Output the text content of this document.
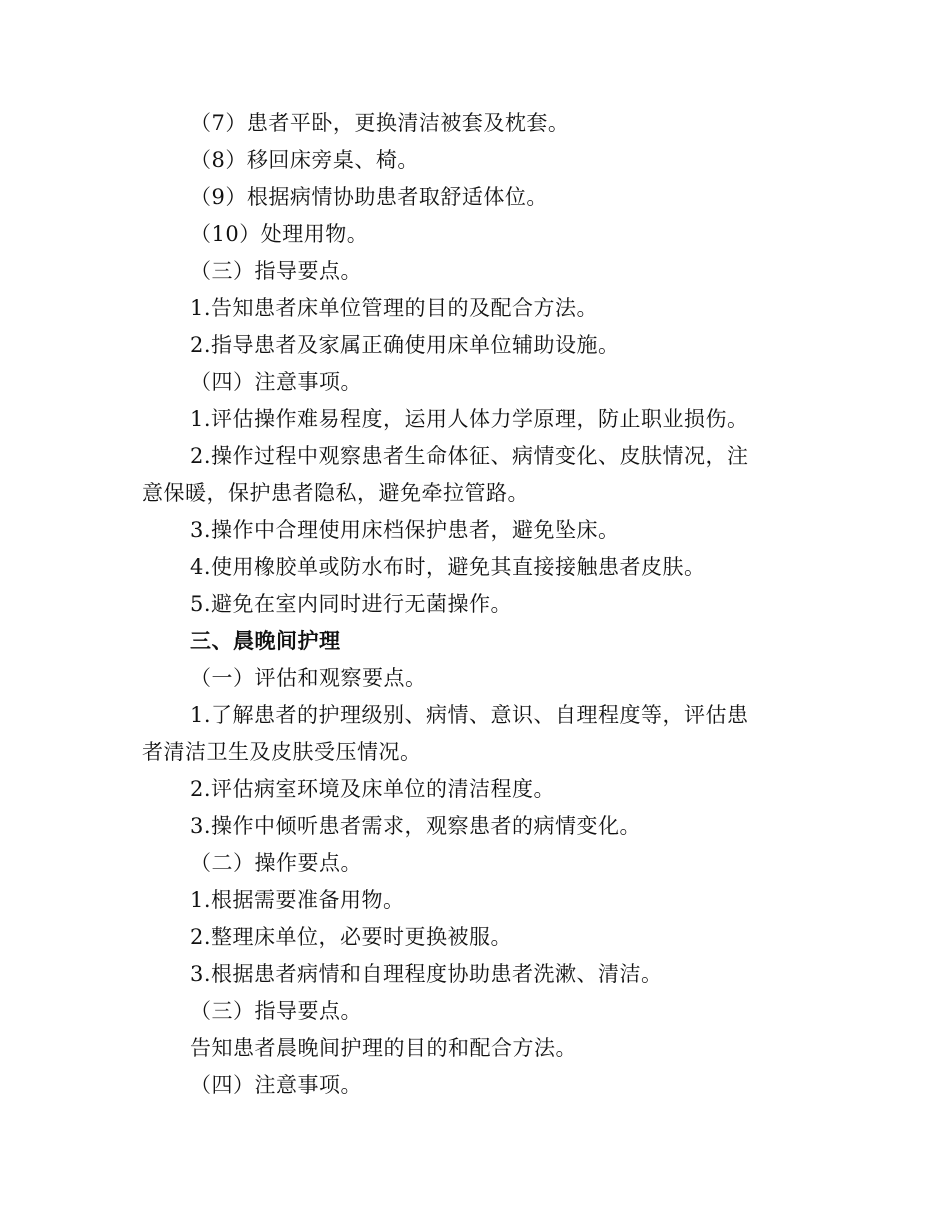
（7）患者平卧，更换清洁被套及枕套。
（8）移回床旁桌、椅。
（9）根据病情协助患者取舒适体位。
（10）处理用物。
（三）指导要点。
1.告知患者床单位管理的目的及配合方法。
2.指导患者及家属正确使用床单位辅助设施。
（四）注意事项。
1.评估操作难易程度，运用人体力学原理，防止职业损伤。
2.操作过程中观察患者生命体征、病情变化、皮肤情况，注
意保暖，保护患者隐私，避免牵拉管路。
3.操作中合理使用床档保护患者，避免坠床。
4.使用橡胶单或防水布时，避免其直接接触患者皮肤。
5.避免在室内同时进行无菌操作。
三、晨晚间护理
（一）评估和观察要点。
1.了解患者的护理级别、病情、意识、自理程度等，评估患
者清洁卫生及皮肤受压情况。
2.评估病室环境及床单位的清洁程度。
3.操作中倾听患者需求，观察患者的病情变化。
（二）操作要点。
1.根据需要准备用物。
2.整理床单位，必要时更换被服。
3.根据患者病情和自理程度协助患者洗漱、清洁。
（三）指导要点。
告知患者晨晚间护理的目的和配合方法。
（四）注意事项。
